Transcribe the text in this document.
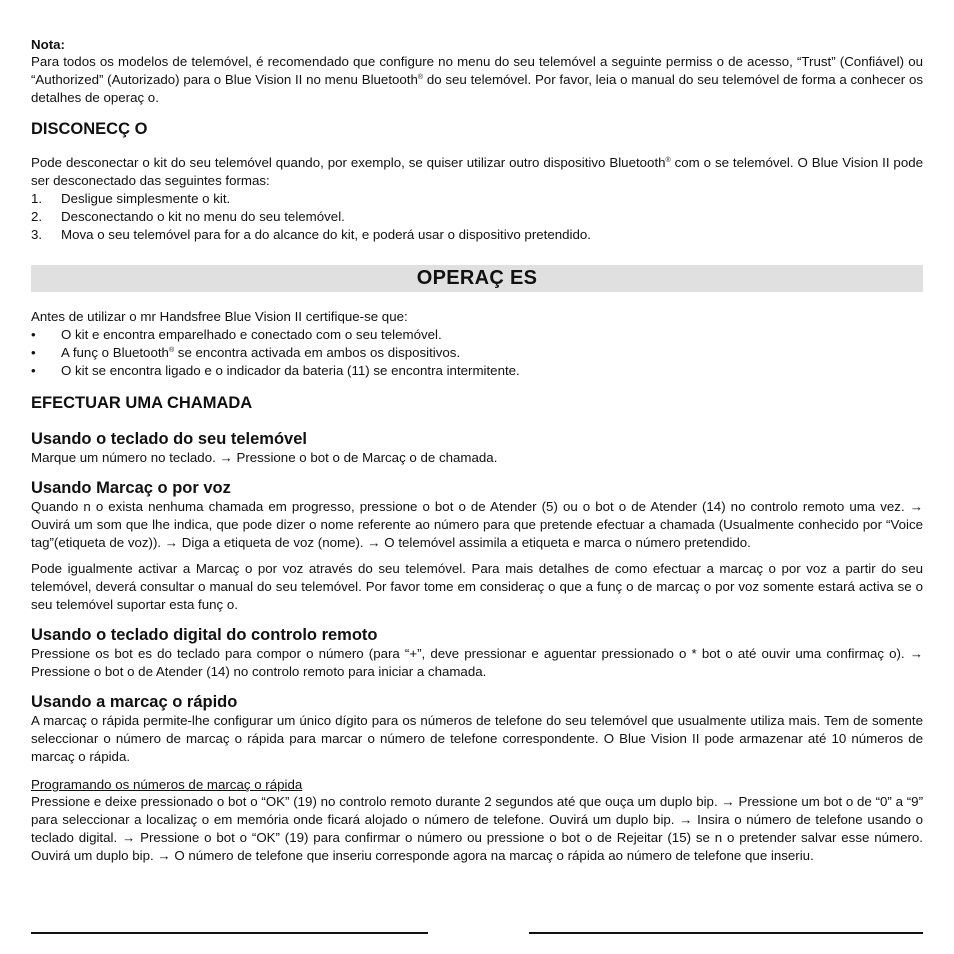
Nota:

Para todos os modelos de telemóvel, é recomendado que configure no menu do seu telemóvel a seguinte permiss o de acesso, “Trust” (Confiável) ou “Authorized” (Autorizado) para o Blue Vision II no menu Bluetooth® do seu telemóvel. Por favor, leia o manual do seu telemóvel de forma a conhecer os detalhes de operaç o.

DISCONECÇ O

Pode desconectar o kit do seu telemóvel quando, por exemplo, se quiser utilizar outro dispositivo Bluetooth® com o se telemóvel. O Blue Vision II pode ser desconectado das seguintes formas:

1. Desligue simplesmente o kit.
2. Desconectando o kit no menu do seu telemóvel.
3. Mova o seu telemóvel para for a do alcance do kit, e poderá usar o dispositivo pretendido.
OPERAÇ ES

Antes de utilizar o mr Handsfree Blue Vision II certifique-se que:

• O kit e encontra emparelhado e conectado com o seu telemóvel.
• A funç o Bluetooth® se encontra activada em ambos os dispositivos.
• O kit se encontra ligado e o indicador da bateria (11) se encontra intermitente.
EFECTUAR UMA CHAMADA
Usando o teclado do seu telemóvel

Marque um número no teclado. → Pressione o bot o de Marcaç o de chamada.

Usando Marcaç o por voz

Quando n o exista nenhuma chamada em progresso, pressione o bot o de Atender (5) ou o bot o de Atender (14) no controlo remoto uma vez. → Ouvirá um som que lhe indica, que pode dizer o nome referente ao número para que pretende efectuar a chamada (Usualmente conhecido por “Voice tag”(etiqueta de voz)). → Diga a etiqueta de voz (nome). → O telemóvel assimila a etiqueta e marca o número pretendido.

Pode igualmente activar a Marcaç o por voz através do seu telemóvel. Para mais detalhes de como efectuar a marcaç o por voz a partir do seu telemóvel, deverá consultar o manual do seu telemóvel. Por favor tome em consideraç o que a funç o de marcaç o por voz somente estará activa se o seu telemóvel suportar esta funç o.

Usando o teclado digital do controlo remoto

Pressione os bot es do teclado para compor o número (para “+”, deve pressionar e aguentar pressionado o * bot o até ouvir uma confirmaç o). → Pressione o bot o de Atender (14) no controlo remoto para iniciar a chamada.

Usando a marcaç o rápido

A marcaç o rápida permite-lhe configurar um único dígito para os números de telefone do seu telemóvel que usualmente utiliza mais. Tem de somente seleccionar o número de marcaç o rápida para marcar o número de telefone correspondente. O Blue Vision II pode armazenar até 10 números de marcaç o rápida.

Programando os números de marcaç o rápida

Pressione e deixe pressionado o bot o “OK” (19) no controlo remoto durante 2 segundos até que ouça um duplo bip. → Pressione um bot o de “0” a “9” para seleccionar a localizaç o em memória onde ficará alojado o número de telefone. Ouvirá um duplo bip. → Insira o número de telefone usando o teclado digital. → Pressione o bot o “OK” (19) para confirmar o número ou pressione o bot o de Rejeitar (15) se n o pretender salvar esse número. Ouvirá um duplo bip. → O número de telefone que inseriu corresponde agora na marcaç o rápida ao número de telefone que inseriu.
